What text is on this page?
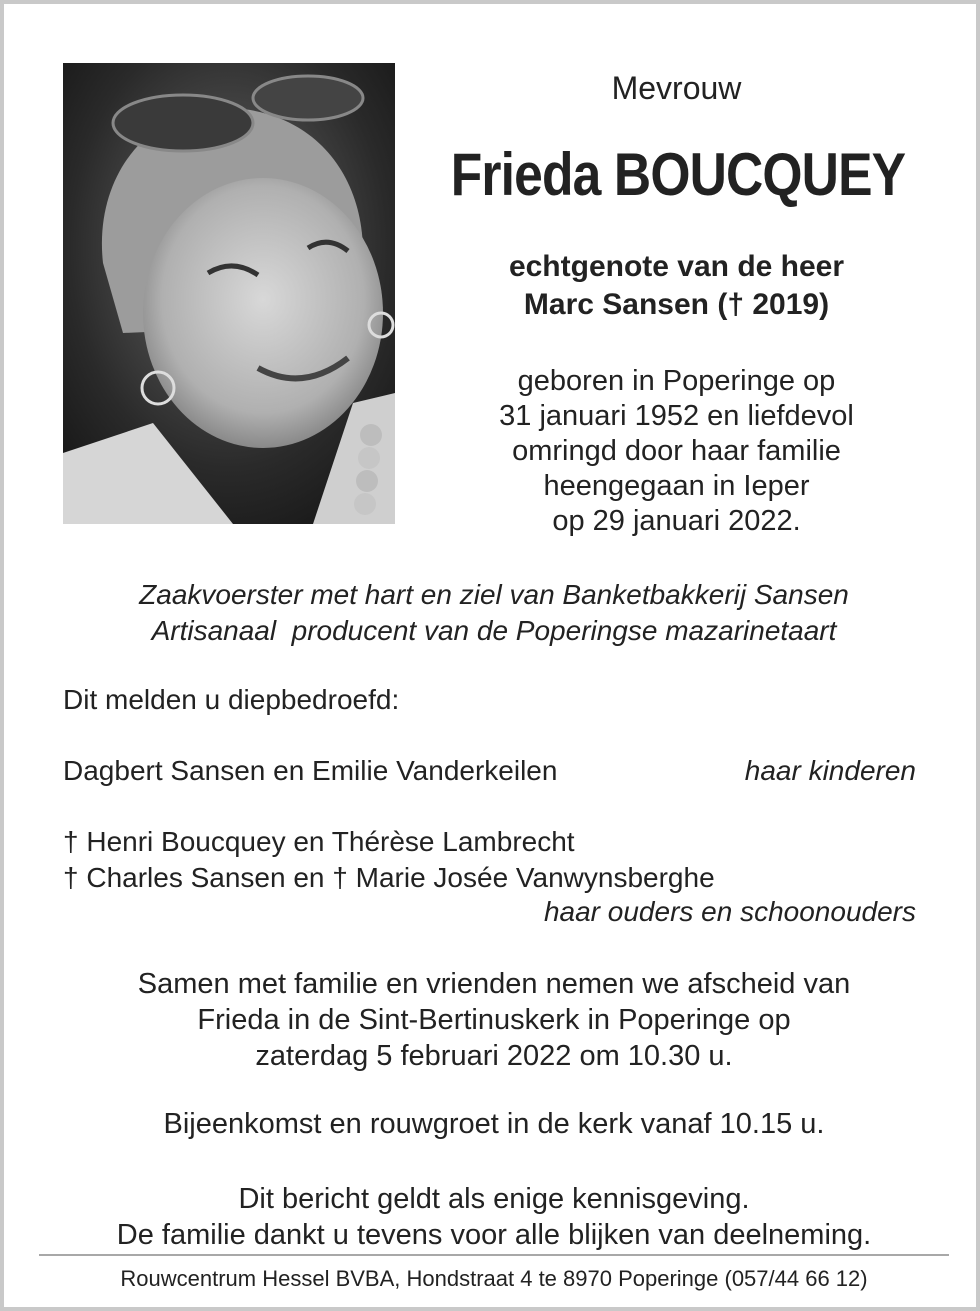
Mevrouw
Frieda BOUCQUEY
echtgenote van de heer
Marc Sansen († 2019)
geboren in Poperinge op
31 januari 1952 en liefdevol
omringd door haar familie
heengegaan in Ieper
op 29 januari 2022.
Zaakvoerster met hart en ziel van Banketbakkerij Sansen
Artisanaal  producent van de Poperingse mazarinetaart
Dit melden u diepbedroefd:
Dagbert Sansen en Emilie Vanderkeilen	haar kinderen
† Henri Boucquey en Thérèse Lambrecht
† Charles Sansen en † Marie Josée Vanwynsberghe
haar ouders en schoonouders
Samen met familie en vrienden nemen we afscheid van
Frieda in de Sint-Bertinuskerk in Poperinge op
zaterdag 5 februari 2022 om 10.30 u.
Bijeenkomst en rouwgroet in de kerk vanaf 10.15 u.
Dit bericht geldt als enige kennisgeving.
De familie dankt u tevens voor alle blijken van deelneming.
Rouwcentrum Hessel BVBA, Hondstraat 4 te 8970 Poperinge (057/44 66 12)
